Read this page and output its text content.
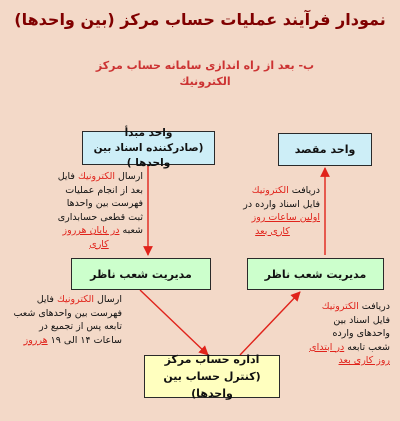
نمودار فرآيند عمليات حساب مركز (بين واحدها)
ب- بعد از راه اندازی سامانه حساب مركز
الكترونيك
واحد مبدأ
(صادركننده اسناد بين واحدها )
واحد مقصد
مديريت شعب ناظر	مديريت شعب ناظر
اداره حساب مركز
(كنترل حساب بين واحدها)
ارسال الكترونيك فايل
بعد از انجام عمليات
فهرست بين واحدها
ثبت قطعی حسابداری
شعبه در پايان هرروز
کاری
دريافت الكترونيك
فايل اسناد وارده در
اولين ساعات روز
کاری بعد
ارسال الكترونيك فايل
فهرست بين واحدهای شعب
تابعه پس از تجميع در
ساعات ۱۴ الی ۱۹ هرروز
دريافت الكترونيك
فايل اسناد بين
واحدهای وارده
شعب تابعه در ابتدای
روز کاری بعد
